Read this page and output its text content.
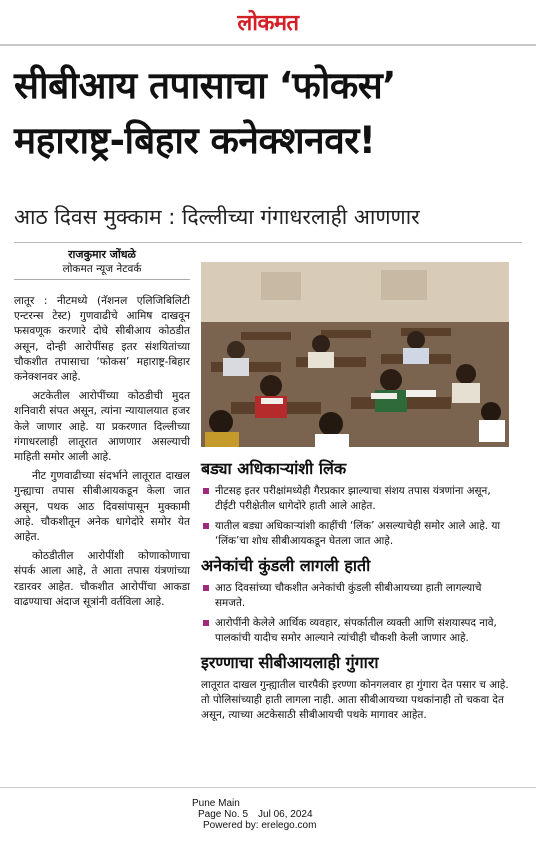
लोकमत
सीबीआय तपासाचा ‘फोकस’
महाराष्ट्र-बिहार कनेक्शनवर!
आठ दिवस मुक्काम : दिल्लीच्या गंगाधरलाही आणणार
राजकुमार जोंधळे
लोकमत न्यूज नेटवर्क

लातूर : नीटमध्ये (नॅशनल एलिजिबिलिटी एन्टरन्स टेस्ट) गुणवाढीचे आमिष दाखवून फसवणूक करणारे दोघे सीबीआय कोठडीत असून, दोन्ही आरोपींसह इतर संशयितांच्या चौकशीत तपासाचा ‘फोकस’ महाराष्ट्र-बिहार कनेक्शनवर आहे.

अटकेतील आरोपींच्या कोठडीची मुदत शनिवारी संपत असून, त्यांना न्यायालयात हजर केले जाणार आहे. या प्रकरणात दिल्लीच्या गंगाधरलाही लातूरात आणणार असल्याची माहिती समोर आली आहे.

नीट गुणवाढीच्या संदर्भाने लातूरात दाखल गुन्ह्याचा तपास सीबीआयकडून केला जात असून, पथक आठ दिवसांपासून मुक्कामी आहे. चौकशीतून अनेक धागेदोरे समोर येत आहेत.

कोठडीतील आरोपींशी कोणाकोणाचा संपर्क आला आहे, ते आता तपास यंत्रणांच्या रडारवर आहेत. चौकशीत आरोपींचा आकडा वाढण्याचा अंदाज सूत्रांनी वर्तविला आहे.

बड्या अधिकाऱ्यांशी लिंक
नीटसह इतर परीक्षांमध्येही गैरप्रकार झाल्याचा संशय तपास यंत्रणांना असून, टीईटी परीक्षेतील धागेदोरे हाती आले आहेत.
यातील बड्या अधिकाऱ्यांशी काहींची ‘लिंक’ असल्याचेही समोर आले आहे. या ‘लिंक’चा शोध सीबीआयकडून घेतला जात आहे.
अनेकांची कुंडली लागली हाती
आठ दिवसांच्या चौकशीत अनेकांची कुंडली सीबीआयच्या हाती लागल्याचे समजते.
आरोपींनी केलेले आर्थिक व्यवहार, संपर्कातील व्यक्ती आणि संशयास्पद नावे, पालकांची यादीच समोर आल्याने त्यांचीही चौकशी केली जाणार आहे.
इरण्णाचा सीबीआयलाही गुंगारा
लातूरात दाखल गुन्ह्यातील चारपैकी इरण्णा कोनगलवार हा गुंगारा देत पसार च आहे. तो पोलिसांच्याही हाती लागला नाही. आता सीबीआयच्या पथकांनाही तो चकवा देत असून, त्याच्या अटकेसाठी सीबीआयची पथके मागावर आहेत.
Pune Main
Page No. 5 Jul 06, 2024
Powered by: erelego.com
